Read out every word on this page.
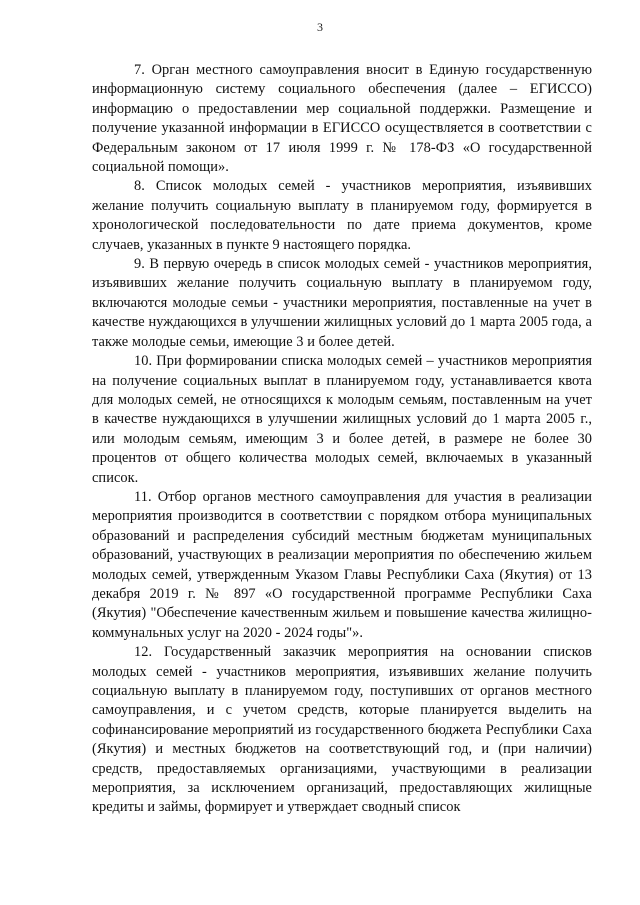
3

7. Орган местного самоуправления вносит в Единую государственную информационную систему социального обеспечения (далее – ЕГИССО) информацию о предоставлении мер социальной поддержки. Размещение и получение указанной информации в ЕГИССО осуществляется в соответствии с Федеральным законом от 17 июля 1999 г. № 178-ФЗ «О государственной социальной помощи».

8. Список молодых семей - участников мероприятия, изъявивших желание получить социальную выплату в планируемом году, формируется в хронологической последовательности по дате приема документов, кроме случаев, указанных в пункте 9 настоящего порядка.

9. В первую очередь в список молодых семей - участников мероприятия, изъявивших желание получить социальную выплату в планируемом году, включаются молодые семьи - участники мероприятия, поставленные на учет в качестве нуждающихся в улучшении жилищных условий до 1 марта 2005 года, а также молодые семьи, имеющие 3 и более детей.

10. При формировании списка молодых семей – участников мероприятия на получение социальных выплат в планируемом году, устанавливается квота для молодых семей, не относящихся к молодым семьям, поставленным на учет в качестве нуждающихся в улучшении жилищных условий до 1 марта 2005 г., или молодым семьям, имеющим 3 и более детей, в размере не более 30 процентов от общего количества молодых семей, включаемых в указанный список.

11. Отбор органов местного самоуправления для участия в реализации мероприятия производится в соответствии с порядком отбора муниципальных образований и распределения субсидий местным бюджетам муниципальных образований, участвующих в реализации мероприятия по обеспечению жильем молодых семей, утвержденным Указом Главы Республики Саха (Якутия) от 13 декабря 2019 г. № 897 «О государственной программе Республики Саха (Якутия) "Обеспечение качественным жильем и повышение качества жилищно- коммунальных услуг на 2020 - 2024 годы"».

12. Государственный заказчик мероприятия на основании списков молодых семей - участников мероприятия, изъявивших желание получить социальную выплату в планируемом году, поступивших от органов местного самоуправления, и с учетом средств, которые планируется выделить на софинансирование мероприятий из государственного бюджета Республики Саха (Якутия) и местных бюджетов на соответствующий год, и (при наличии) средств, предоставляемых организациями, участвующими в реализации мероприятия, за исключением организаций, предоставляющих жилищные кредиты и займы, формирует и утверждает сводный список
